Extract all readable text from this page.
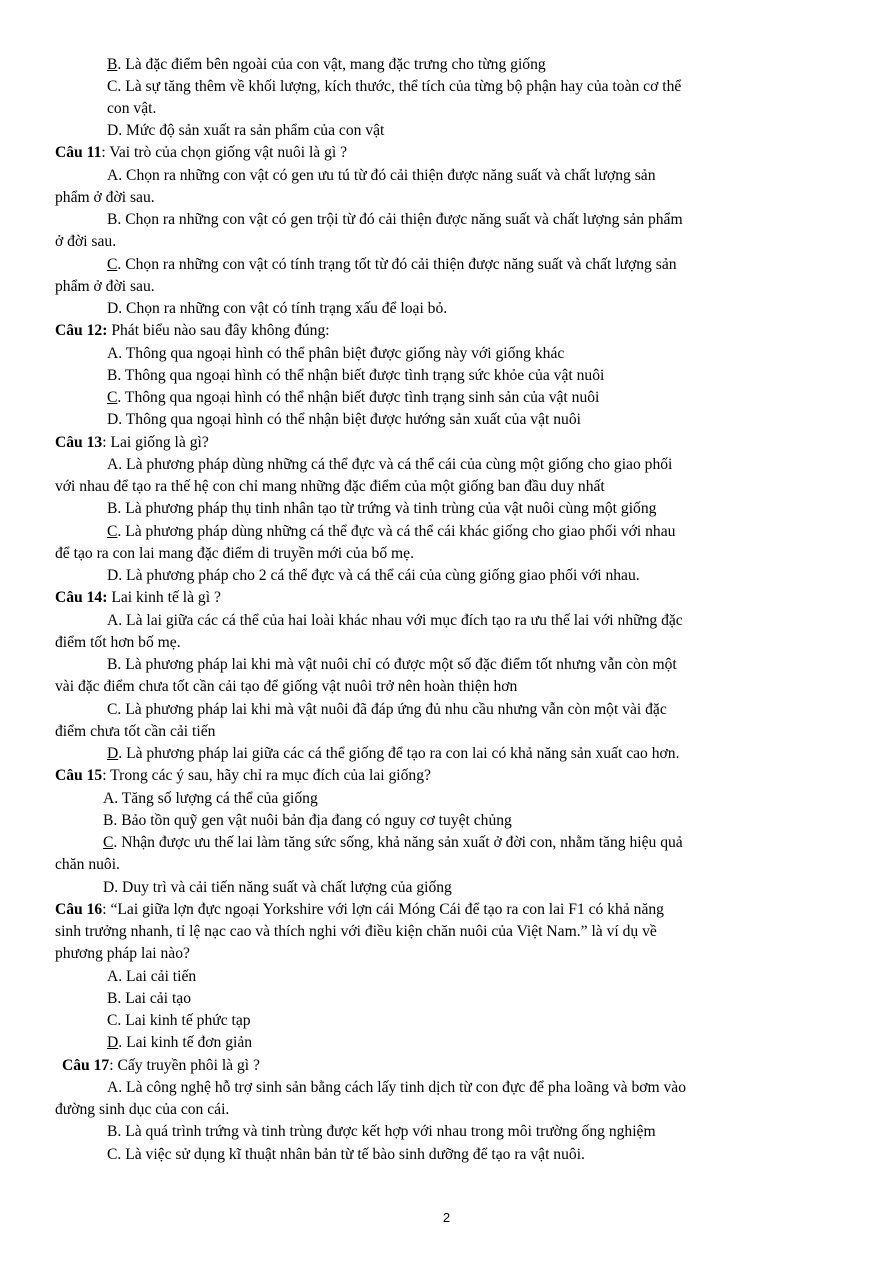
B. Là đặc điểm bên ngoài của con vật, mang đặc trưng cho từng giống
C. Là sự tăng thêm về khối lượng, kích thước, thể tích của từng bộ phận hay của toàn cơ thể
con vật.
D. Mức độ sản xuất ra sản phẩm của con vật
Câu 11: Vai trò của chọn giống vật nuôi là gì ?
A. Chọn ra những con vật có gen ưu tú từ đó cải thiện được năng suất và chất lượng sản
phẩm ở đời sau.
B. Chọn ra những con vật có gen trội từ đó cải thiện được năng suất và chất lượng sản phẩm
ở đời sau.
C. Chọn ra những con vật có tính trạng tốt từ đó cải thiện được năng suất và chất lượng sản
phẩm ở đời sau.
D. Chọn ra những con vật có tính trạng xấu để loại bỏ.
Câu 12: Phát biểu nào sau đây không đúng:
A. Thông qua ngoại hình có thể phân biệt được giống này với giống khác
B. Thông qua ngoại hình có thể nhận biết được tình trạng sức khỏe của vật nuôi
C. Thông qua ngoại hình có thể nhận biết được tình trạng sinh sản của vật nuôi
D. Thông qua ngoại hình có thể nhận biệt được hướng sản xuất của vật nuôi
Câu 13: Lai giống là gì?
A. Là phương pháp dùng những cá thể đực và cá thể cái của cùng một giống cho giao phối
với nhau để tạo ra thế hệ con chỉ mang những đặc điểm của một giống ban đầu duy nhất
B. Là phương pháp thụ tinh nhân tạo từ trứng và tinh trùng của vật nuôi cùng một giống
C. Là phương pháp dùng những cá thể đực và cá thể cái khác giống cho giao phối với nhau
để tạo ra con lai mang đặc điểm di truyền mới của bố mẹ.
D. Là phương pháp cho 2 cá thể đực và cá thể cái của cùng giống giao phối với nhau.
Câu 14: Lai kinh tế là gì ?
A. Là lai giữa các cá thể của hai loài khác nhau với mục đích tạo ra ưu thế lai với những đặc
điểm tốt hơn bố mẹ.
B. Là phương pháp lai khi mà vật nuôi chỉ có được một số đặc điểm tốt nhưng vẫn còn một
vài đặc điểm chưa tốt cần cải tạo để giống vật nuôi trở nên hoàn thiện hơn
C. Là phương pháp lai khi mà vật nuôi đã đáp ứng đủ nhu cầu nhưng vẫn còn một vài đặc
điểm chưa tốt cần cải tiến
D. Là phương pháp lai giữa các cá thể giống để tạo ra con lai có khả năng sản xuất cao hơn.
Câu 15: Trong các ý sau, hãy chỉ ra mục đích của lai giống?
A. Tăng số lượng cá thể của giống
B. Bảo tồn quỹ gen vật nuôi bản địa đang có nguy cơ tuyệt chủng
C. Nhận được ưu thế lai làm tăng sức sống, khả năng sản xuất ở đời con, nhằm tăng hiệu quả
chăn nuôi.
D. Duy trì và cải tiến năng suất và chất lượng của giống
Câu 16: “Lai giữa lợn đực ngoại Yorkshire với lợn cái Móng Cái để tạo ra con lai F1 có khả năng
sinh trưởng nhanh, tỉ lệ nạc cao và thích nghi với điều kiện chăn nuôi của Việt Nam.” là ví dụ về
phương pháp lai nào?
A. Lai cải tiến
B. Lai cải tạo
C. Lai kinh tế phức tạp
D. Lai kinh tế đơn giản
Câu 17: Cấy truyền phôi là gì ?
A. Là công nghệ hỗ trợ sinh sản bằng cách lấy tinh dịch từ con đực để pha loãng và bơm vào
đường sinh dục của con cái.
B. Là quá trình trứng và tinh trùng được kết hợp với nhau trong môi trường ống nghiệm
C. Là việc sử dụng kĩ thuật nhân bản từ tế bào sinh dưỡng để tạo ra vật nuôi.
2
